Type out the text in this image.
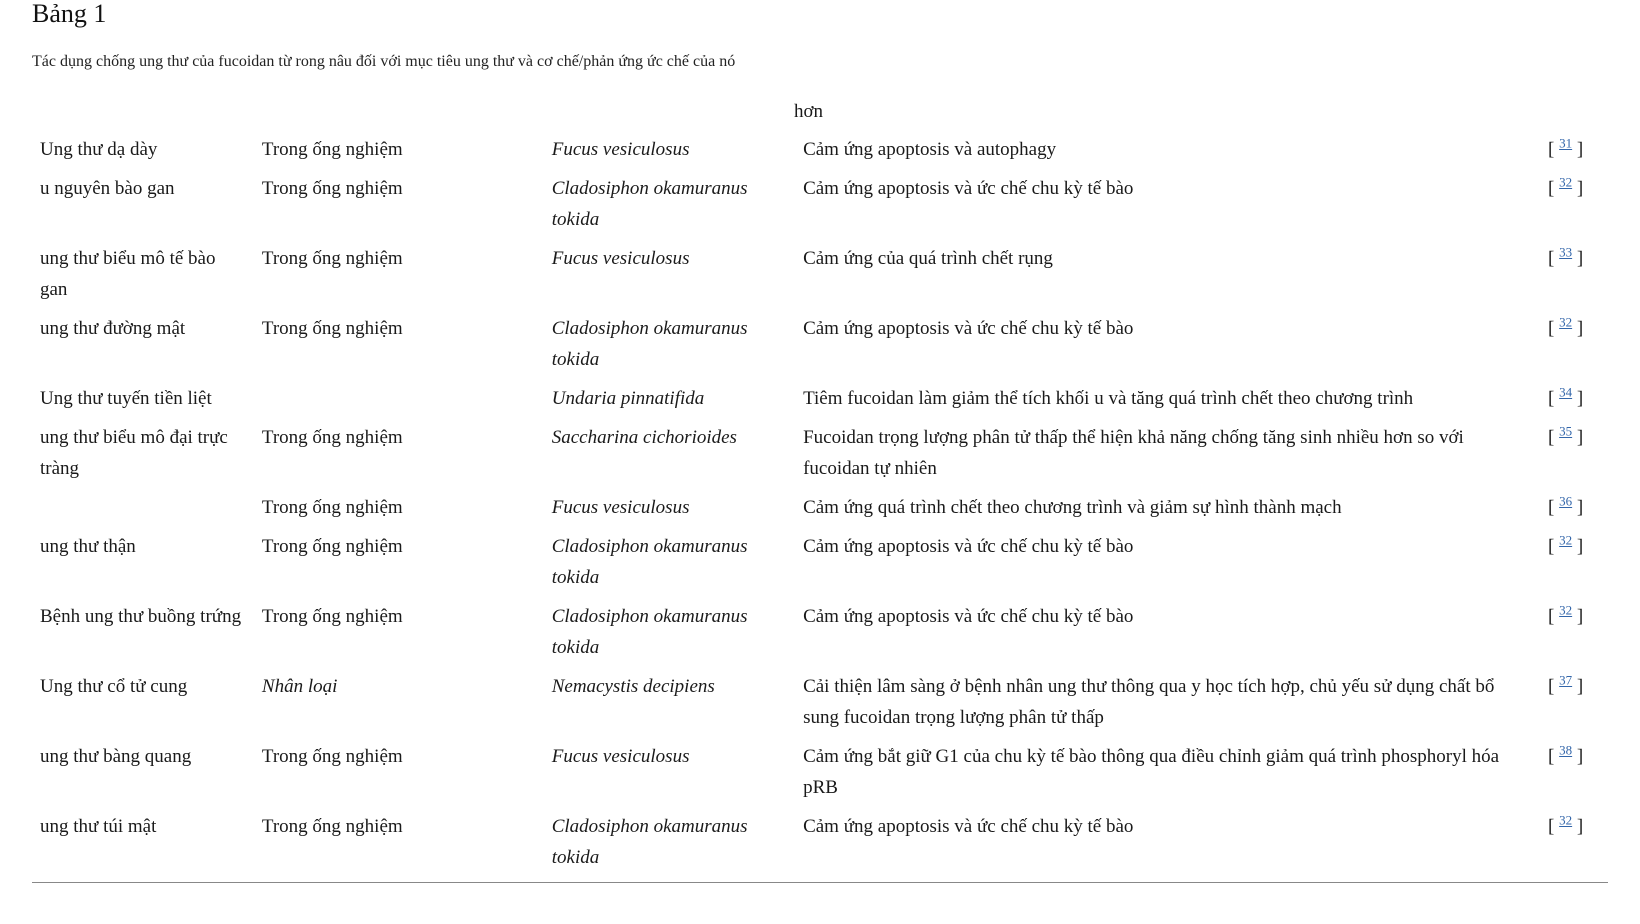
Bảng 1
Tác dụng chống ung thư của fucoidan từ rong nâu đối với mục tiêu ung thư và cơ chế/phản ứng ức chế của nó
hơn
Ung thư dạ dày	Trong ống nghiệm	Fucus vesiculosus	Cảm ứng apoptosis và autophagy	[ $^{31}$ ]
u nguyên bào gan	Trong ống nghiệm	Cladosiphon okamuranus tokida	Cảm ứng apoptosis và ức chế chu kỳ tế bào	[ $^{32}$ ]
ung thư biểu mô tế bào gan	Trong ống nghiệm	Fucus vesiculosus	Cảm ứng của quá trình chết rụng	[ $^{33}$ ]
ung thư đường mật	Trong ống nghiệm	Cladosiphon okamuranus tokida	Cảm ứng apoptosis và ức chế chu kỳ tế bào	[ $^{32}$ ]
Ung thư tuyến tiền liệt		Undaria pinnatifida	Tiêm fucoidan làm giảm thể tích khối u và tăng quá trình chết theo chương trình	[ $^{34}$ ]
ung thư biểu mô đại trực tràng	Trong ống nghiệm	Saccharina cichorioides	Fucoidan trọng lượng phân tử thấp thể hiện khả năng chống tăng sinh nhiều hơn so với fucoidan tự nhiên	[ $^{35}$ ]
	Trong ống nghiệm	Fucus vesiculosus	Cảm ứng quá trình chết theo chương trình và giảm sự hình thành mạch	[ $^{36}$ ]
ung thư thận	Trong ống nghiệm	Cladosiphon okamuranus tokida	Cảm ứng apoptosis và ức chế chu kỳ tế bào	[ $^{32}$ ]
Bệnh ung thư buồng trứng	Trong ống nghiệm	Cladosiphon okamuranus tokida	Cảm ứng apoptosis và ức chế chu kỳ tế bào	[ $^{32}$ ]
Ung thư cổ tử cung	Nhân loại	Nemacystis decipiens	Cải thiện lâm sàng ở bệnh nhân ung thư thông qua y học tích hợp, chủ yếu sử dụng chất bổ sung fucoidan trọng lượng phân tử thấp	[ $^{37}$ ]
ung thư bàng quang	Trong ống nghiệm	Fucus vesiculosus	Cảm ứng bắt giữ G1 của chu kỳ tế bào thông qua điều chỉnh giảm quá trình phosphoryl hóa pRB	[ $^{38}$ ]
ung thư túi mật	Trong ống nghiệm	Cladosiphon okamuranus tokida	Cảm ứng apoptosis và ức chế chu kỳ tế bào	[ $^{32}$ ]
